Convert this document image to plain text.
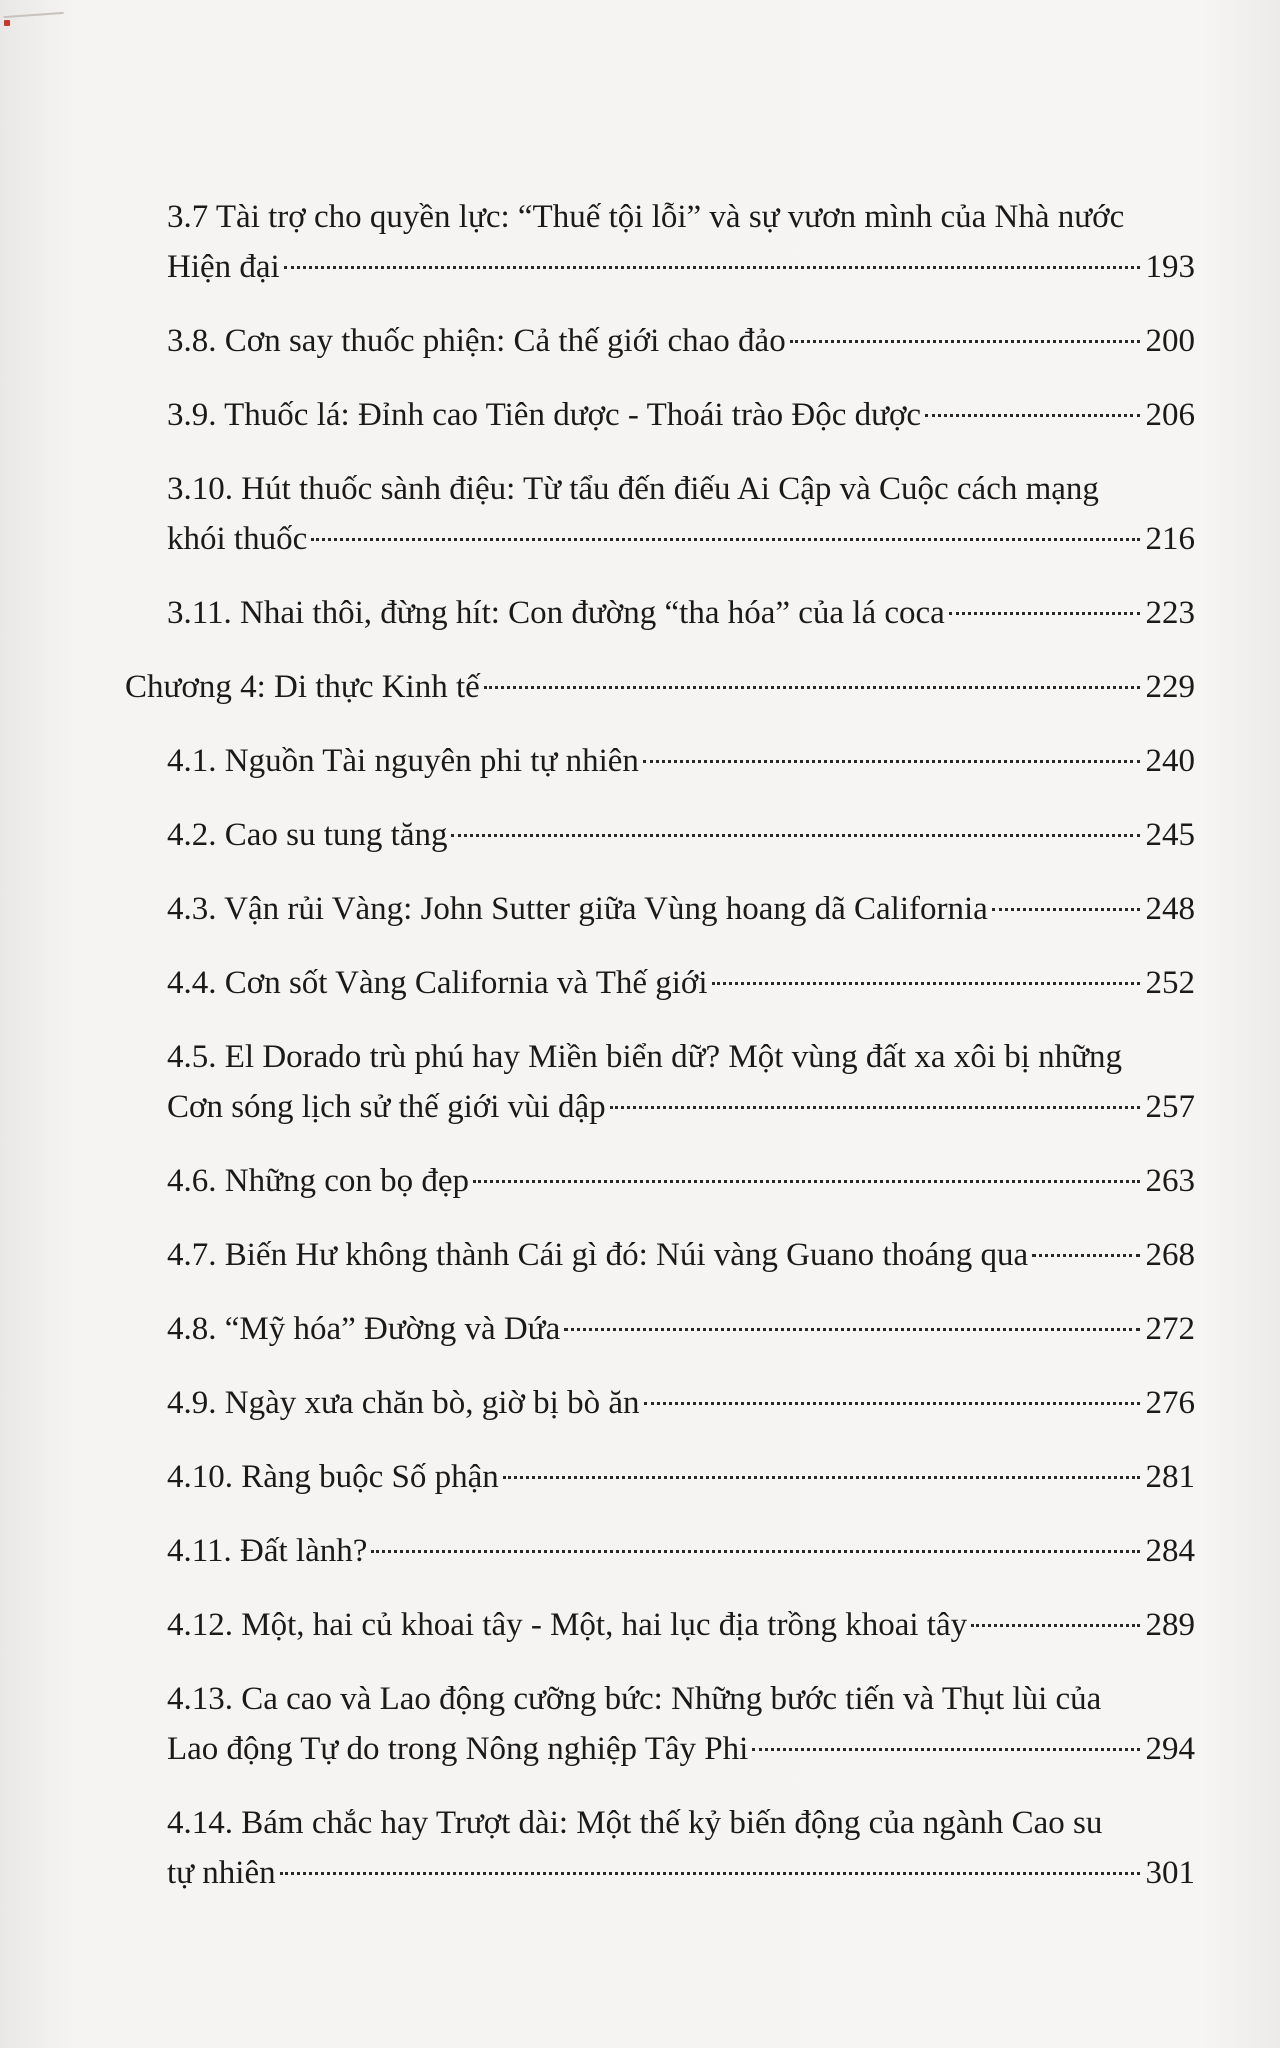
3.7 Tài trợ cho quyền lực: “Thuế tội lỗi” và sự vươn mình của Nhà nước
Hiện đại	193
3.8. Cơn say thuốc phiện: Cả thế giới chao đảo	200
3.9. Thuốc lá: Đỉnh cao Tiên dược - Thoái trào Độc dược	206
3.10. Hút thuốc sành điệu: Từ tẩu đến điếu Ai Cập và Cuộc cách mạng
khói thuốc	216
3.11. Nhai thôi, đừng hít: Con đường “tha hóa” của lá coca	223
Chương 4: Di thực Kinh tế	229
4.1. Nguồn Tài nguyên phi tự nhiên	240
4.2. Cao su tung tăng	245
4.3. Vận rủi Vàng: John Sutter giữa Vùng hoang dã California	248
4.4. Cơn sốt Vàng California và Thế giới	252
4.5. El Dorado trù phú hay Miền biển dữ? Một vùng đất xa xôi bị những
Cơn sóng lịch sử thế giới vùi dập	257
4.6. Những con bọ đẹp	263
4.7. Biến Hư không thành Cái gì đó: Núi vàng Guano thoáng qua	268
4.8. “Mỹ hóa” Đường và Dứa	272
4.9. Ngày xưa chăn bò, giờ bị bò ăn	276
4.10. Ràng buộc Số phận	281
4.11. Đất lành?	284
4.12. Một, hai củ khoai tây - Một, hai lục địa trồng khoai tây	289
4.13. Ca cao và Lao động cưỡng bức: Những bước tiến và Thụt lùi của
Lao động Tự do trong Nông nghiệp Tây Phi	294
4.14. Bám chắc hay Trượt dài: Một thế kỷ biến động của ngành Cao su
tự nhiên	301
